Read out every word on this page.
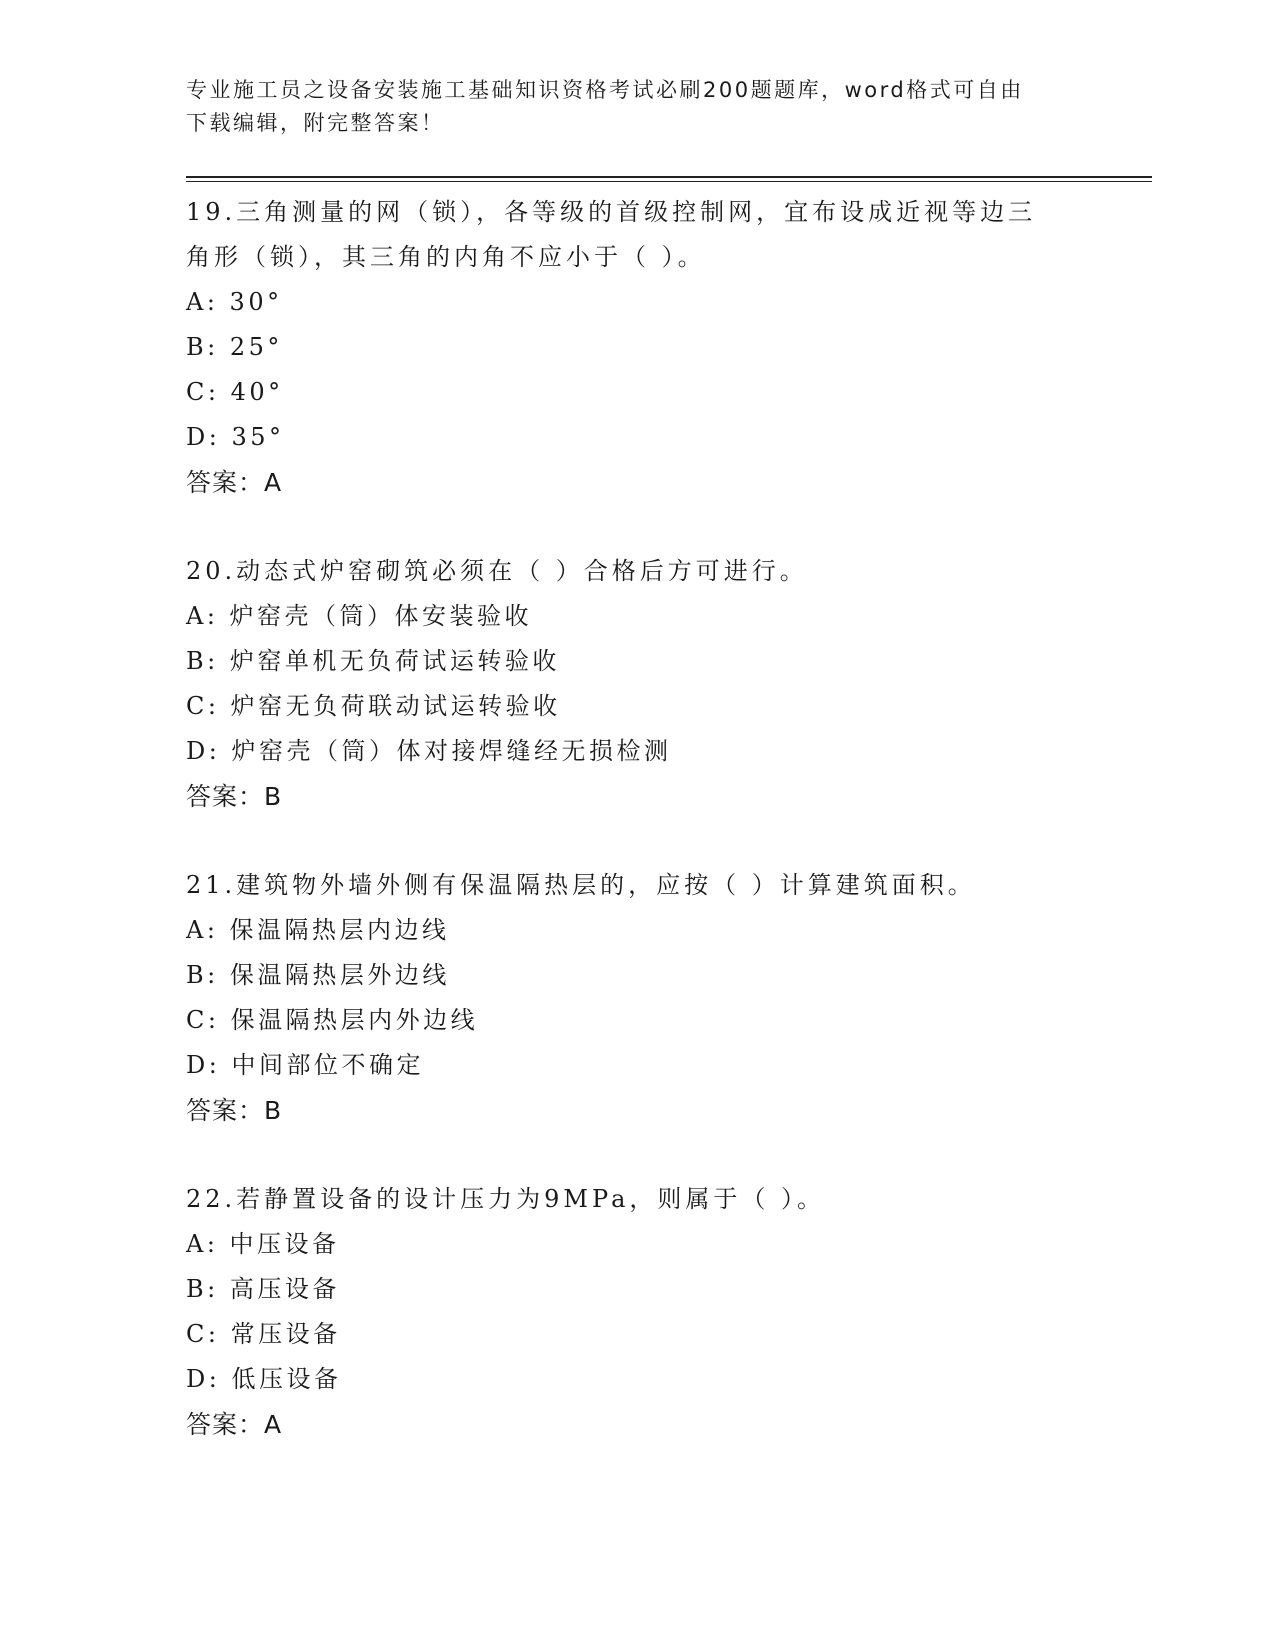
专业施工员之设备安装施工基础知识资格考试必刷200题题库，word格式可自由
下载编辑，附完整答案！

19.三角测量的网（锁），各等级的首级控制网，宜布设成近视等边三

角形（锁），其三角的内角不应小于（ ）。

A: 30°

B: 25°

C: 40°

D: 35°

答案：A

20.动态式炉窑砌筑必须在（ ）合格后方可进行。

A: 炉窑壳（筒）体安装验收

B: 炉窑单机无负荷试运转验收

C: 炉窑无负荷联动试运转验收

D: 炉窑壳（筒）体对接焊缝经无损检测

答案：B

21.建筑物外墙外侧有保温隔热层的，应按（ ）计算建筑面积。

A: 保温隔热层内边线

B: 保温隔热层外边线

C: 保温隔热层内外边线

D: 中间部位不确定

答案：B

22.若静置设备的设计压力为9MPa，则属于（ ）。

A: 中压设备

B: 高压设备

C: 常压设备

D: 低压设备

答案：A
